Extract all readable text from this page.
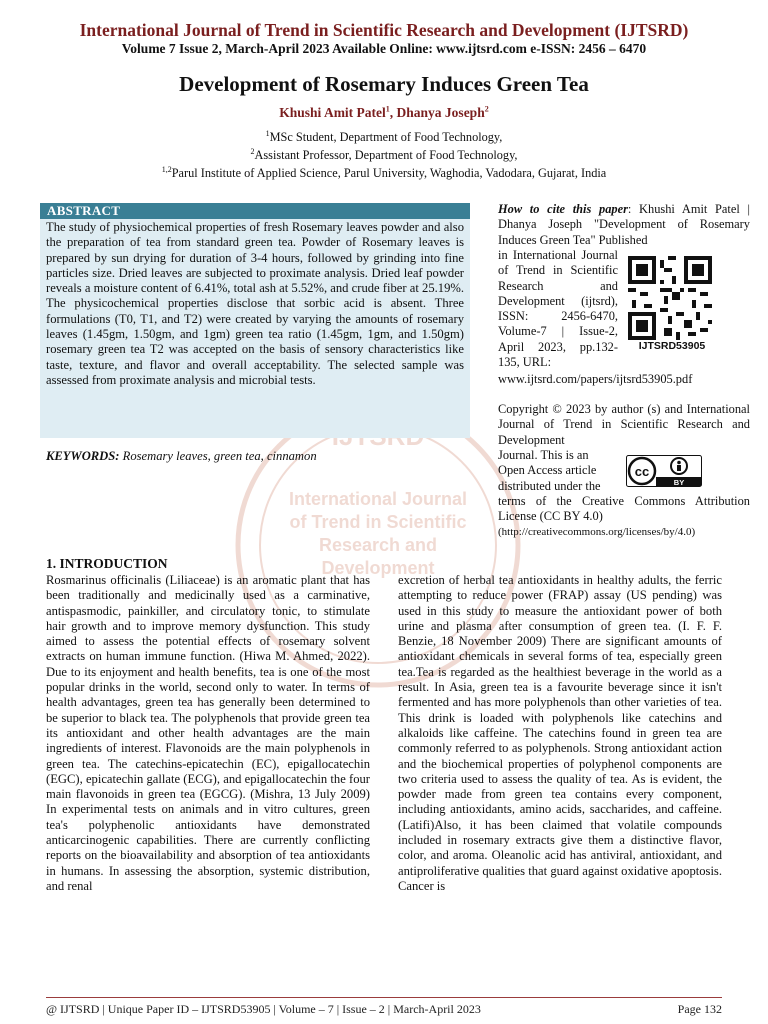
International Journal of Trend in Scientific Research and Development (IJTSRD)
Volume 7 Issue 2, March-April 2023 Available Online: www.ijtsrd.com e-ISSN: 2456 – 6470
Development of Rosemary Induces Green Tea
Khushi Amit Patel$^1$, Dhanya Joseph$^2$
$^1$MSc Student, Department of Food Technology,
$^2$Assistant Professor, Department of Food Technology,
$^{1,2}$Parul Institute of Applied Science, Parul University, Waghodia, Vadodara, Gujarat, India
International Journal
of Trend in Scientific
Research and
Development
ABSTRACT
The study of physiochemical properties of fresh Rosemary leaves powder and also the preparation of tea from standard green tea. Powder of Rosemary leaves is prepared by sun drying for duration of 3-4 hours, followed by grinding into fine particles size. Dried leaves are subjected to proximate analysis. Dried leaf powder reveals a moisture content of 6.41%, total ash at 5.52%, and crude fiber at 25.19%. The physicochemical properties disclose that sorbic acid is absent. Three formulations (T0, T1, and T2) were created by varying the amounts of rosemary leaves (1.45gm, 1.50gm, and 1gm) green tea ratio (1.45gm, 1gm, and 1.50gm) rosemary green tea T2 was accepted on the basis of sensory characteristics like taste, texture, and flavor and overall acceptability. The selected sample was assessed from proximate analysis and microbial tests.
KEYWORDS: Rosemary leaves, green tea, cinnamon
How to cite this paper: Khushi Amit Patel | Dhanya Joseph "Development of Rosemary Induces Green Tea" Published
in International Journal of Trend in Scientific Research and Development (ijtsrd), ISSN: 2456-6470, Volume-7 | Issue-2, April 2023, pp.132-135, URL:
www.ijtsrd.com/papers/ijtsrd53905.pdf
IJTSRD53905
Copyright © 2023 by author (s) and International Journal of Trend in Scientific Research and Development
Journal. This is an Open Access article distributed under the
terms of the Creative Commons Attribution License (CC BY 4.0)
(http://creativecommons.org/licenses/by/4.0)
cc
BY
1. INTRODUCTION

Rosmarinus officinalis (Liliaceae) is an aromatic plant that has been traditionally and medicinally used as a carminative, antispasmodic, painkiller, and circulatory tonic, to stimulate hair growth and to improve memory dysfunction. This study aimed to assess the potential effects of rosemary solvent extracts on human immune function. (Hiwa M. Ahmed, 2022). Due to its enjoyment and health benefits, tea is one of the most popular drinks in the world, second only to water. In terms of health advantages, green tea has generally been determined to be superior to black tea. The polyphenols that provide green tea its antioxidant and other health advantages are the main ingredients of interest. Flavonoids are the main polyphenols in green tea. The catechins-epicatechin (EC), epigallocatechin (EGC), epicatechin gallate (ECG), and epigallocatechin the four main flavonoids in green tea (EGCG). (Mishra, 13 July 2009) In experimental tests on animals and in vitro cultures, green tea's polyphenolic antioxidants have demonstrated anticarcinogenic capabilities. There are currently conflicting reports on the bioavailability and absorption of tea antioxidants in humans. In assessing the absorption, systemic distribution, and renal

excretion of herbal tea antioxidants in healthy adults, the ferric attempting to reduce power (FRAP) assay (US pending) was used in this study to measure the antioxidant power of both urine and plasma after consumption of green tea. (I. F. F. Benzie, 18 November 2009) There are significant amounts of antioxidant chemicals in several forms of tea, especially green tea.Tea is regarded as the healthiest beverage in the world as a result. In Asia, green tea is a favourite beverage since it isn't fermented and has more polyphenols than other varieties of tea. This drink is loaded with polyphenols like catechins and alkaloids like caffeine. The catechins found in green tea are commonly referred to as polyphenols. Strong antioxidant action and the biochemical properties of polyphenol components are two criteria used to assess the quality of tea. As is evident, the powder made from green tea contains every component, including antioxidants, amino acids, saccharides, and caffeine. (Latifi)Also, it has been claimed that volatile compounds included in rosemary extracts give them a distinctive flavor, color, and aroma. Oleanolic acid has antiviral, antioxidant, and antiproliferative qualities that guard against oxidative apoptosis. Cancer is

@ IJTSRD | Unique Paper ID – IJTSRD53905 | Volume – 7 | Issue – 2 | March-April 2023	Page 132
